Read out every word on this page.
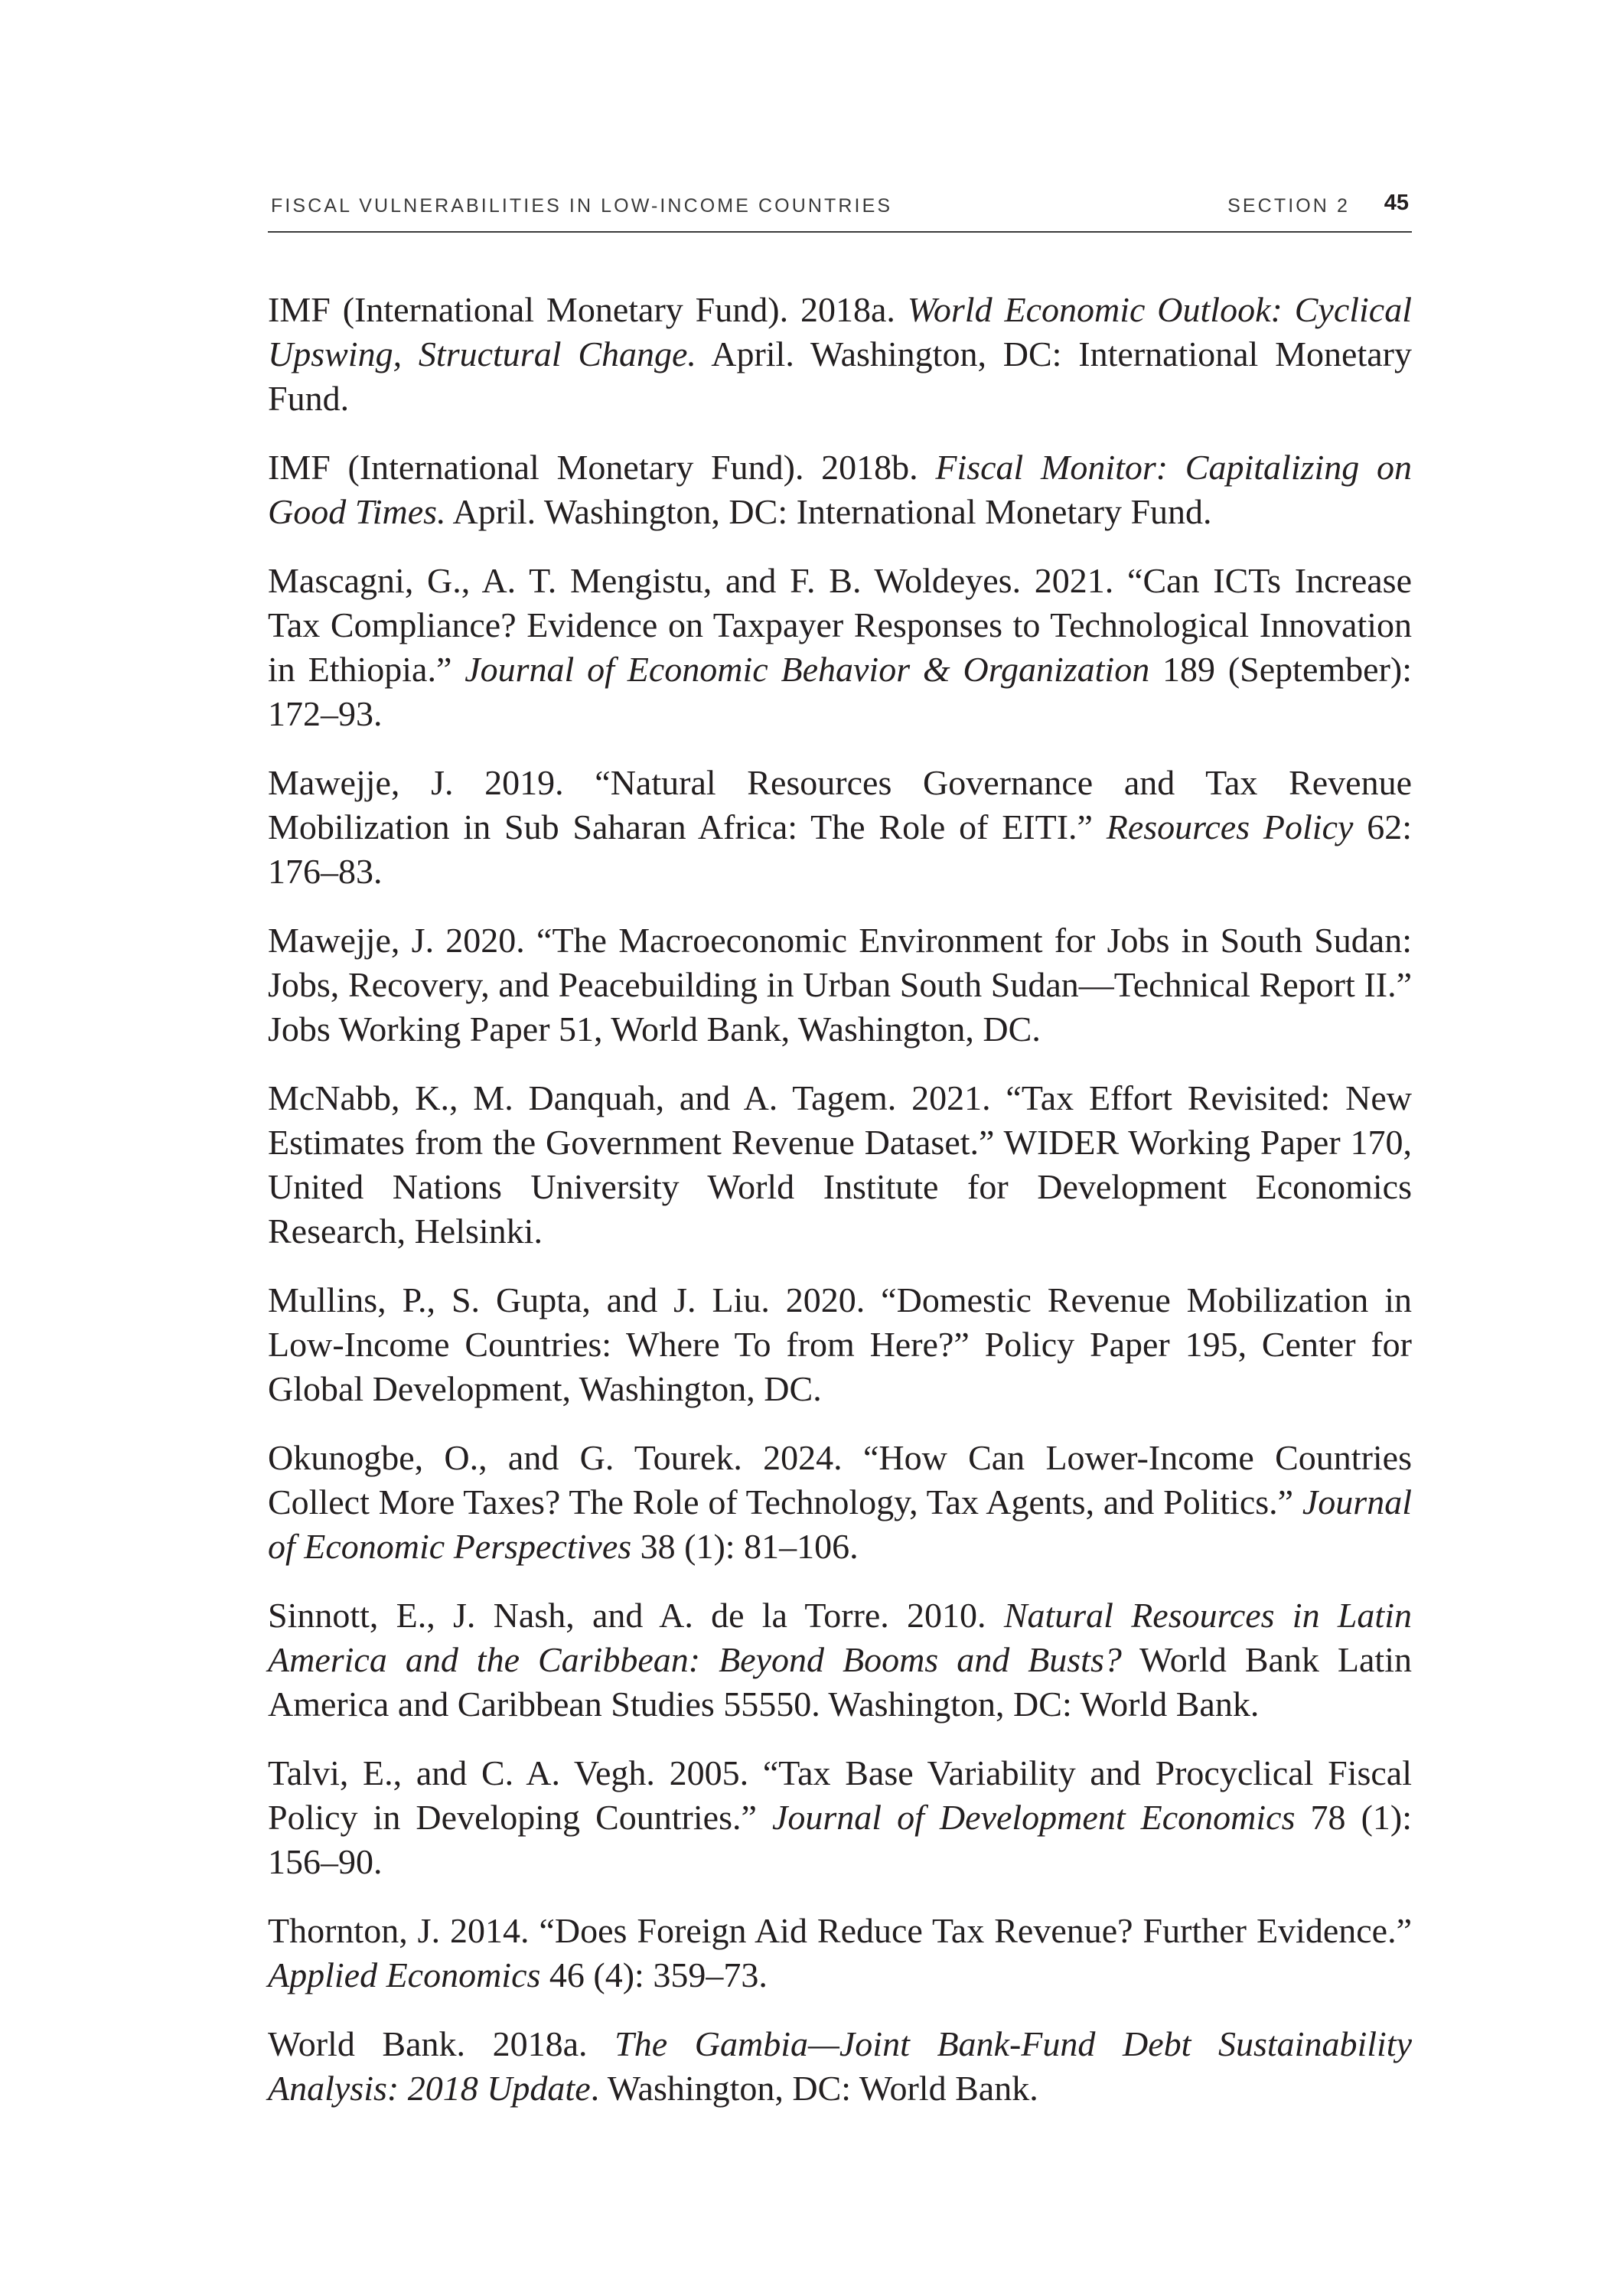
FISCAL VULNERABILITIES IN LOW-INCOME COUNTRIES	SECTION 2 45
IMF (International Monetary Fund). 2018a. World Economic Outlook: Cyclical Upswing, Structural Change. April. Washington, DC: International Monetary Fund.
IMF (International Monetary Fund). 2018b. Fiscal Monitor: Capitalizing on Good Times. April. Washington, DC: International Monetary Fund.
Mascagni, G., A. T. Mengistu, and F. B. Woldeyes. 2021. “Can ICTs Increase Tax Compliance? Evidence on Taxpayer Responses to Technological Innovation in Ethiopia.” Journal of Economic Behavior & Organization 189 (September): 172–93.
Mawejje, J. 2019. “Natural Resources Governance and Tax Revenue Mobilization in Sub Saharan Africa: The Role of EITI.” Resources Policy 62: 176–83.
Mawejje, J. 2020. “The Macroeconomic Environment for Jobs in South Sudan: Jobs, Recovery, and Peacebuilding in Urban South Sudan—Technical Report II.” Jobs Working Paper 51, World Bank, Washington, DC.
McNabb, K., M. Danquah, and A. Tagem. 2021. “Tax Effort Revisited: New Estimates from the Government Revenue Dataset.” WIDER Working Paper 170, United Nations University World Institute for Development Economics Research, Helsinki.
Mullins, P., S. Gupta, and J. Liu. 2020. “Domestic Revenue Mobilization in Low-Income Countries: Where To from Here?” Policy Paper 195, Center for Global Development, Washington, DC.
Okunogbe, O., and G. Tourek. 2024. “How Can Lower-Income Countries Collect More Taxes? The Role of Technology, Tax Agents, and Politics.” Journal of Economic Perspectives 38 (1): 81–106.
Sinnott, E., J. Nash, and A. de la Torre. 2010. Natural Resources in Latin America and the Caribbean: Beyond Booms and Busts? World Bank Latin America and Caribbean Studies 55550. Washington, DC: World Bank.
Talvi, E., and C. A. Vegh. 2005. “Tax Base Variability and Procyclical Fiscal Policy in Developing Countries.” Journal of Development Economics 78 (1): 156–90.
Thornton, J. 2014. “Does Foreign Aid Reduce Tax Revenue? Further Evidence.” Applied Economics 46 (4): 359–73.
World Bank. 2018a. The Gambia—Joint Bank-Fund Debt Sustainability Analysis: 2018 Update. Washington, DC: World Bank.
